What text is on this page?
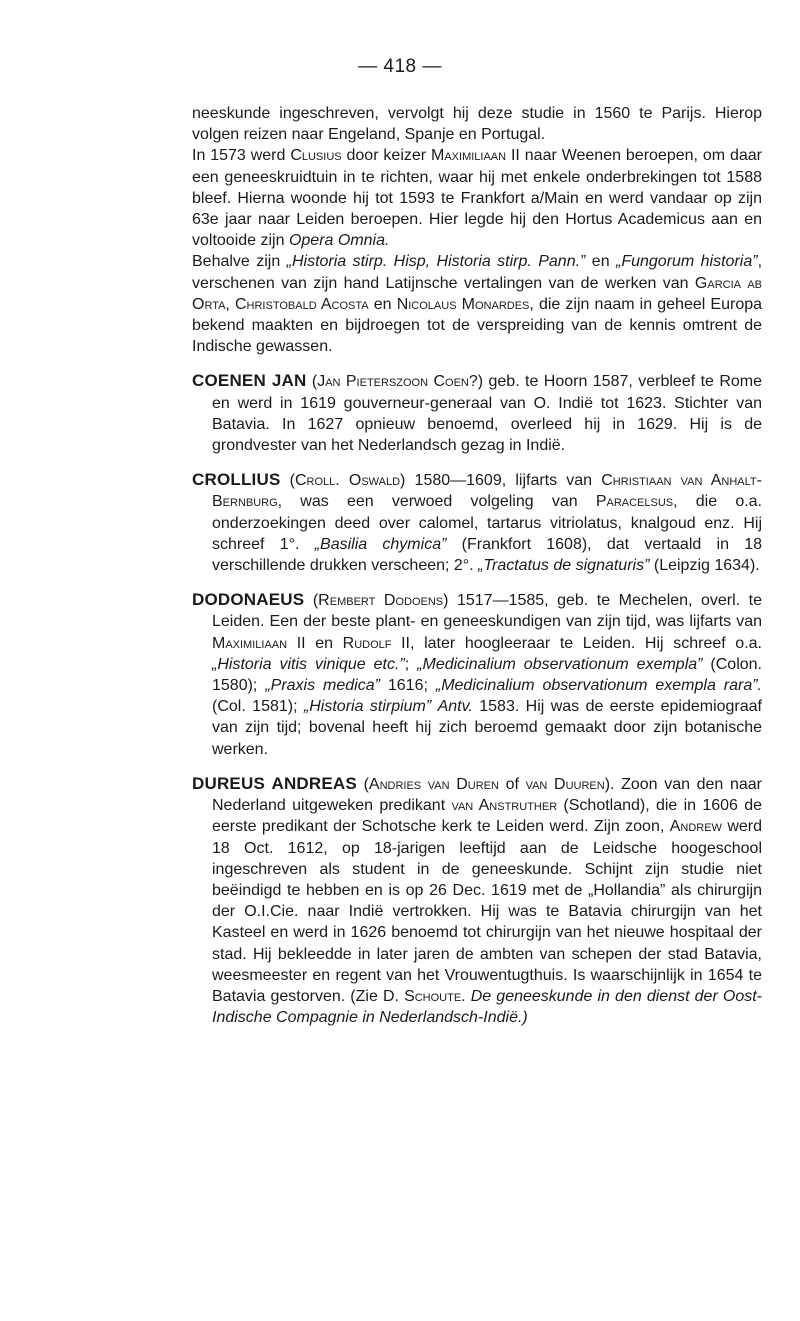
— 418 —

neeskunde ingeschreven, vervolgt hij deze studie in 1560 te Parijs. Hierop volgen reizen naar Engeland, Spanje en Portugal.

In 1573 werd Clusius door keizer Maximiliaan II naar Weenen beroepen, om daar een geneeskruidtuin in te richten, waar hij met enkele onderbrekingen tot 1588 bleef. Hierna woonde hij tot 1593 te Frankfort a/Main en werd vandaar op zijn 63e jaar naar Leiden beroepen. Hier legde hij den Hortus Academicus aan en voltooide zijn Opera Omnia.

Behalve zijn „Historia stirp. Hisp, Historia stirp. Pann.” en „Fungorum historia”, verschenen van zijn hand Latijnsche vertalingen van de werken van Garcia ab Orta, Christobald Acosta en Nicolaus Monardes, die zijn naam in geheel Europa bekend maakten en bijdroegen tot de verspreiding van de kennis omtrent de Indische gewassen.

COENEN JAN (Jan Pieterszoon Coen?) geb. te Hoorn 1587, verbleef te Rome en werd in 1619 gouverneur-generaal van O. Indië tot 1623. Stichter van Batavia. In 1627 opnieuw benoemd, overleed hij in 1629. Hij is de grondvester van het Nederlandsch gezag in Indië.

CROLLIUS (Croll. Oswald) 1580—1609, lijfarts van Christiaan van Anhalt-Bernburg, was een verwoed volgeling van Paracelsus, die o.a. onderzoekingen deed over calomel, tartarus vitriolatus, knalgoud enz. Hij schreef 1°. „Basilia chymica” (Frankfort 1608), dat vertaald in 18 verschillende drukken verscheen; 2°. „Tractatus de signaturis” (Leipzig 1634).

DODONAEUS (Rembert Dodoens) 1517—1585, geb. te Mechelen, overl. te Leiden. Een der beste plant- en geneeskundigen van zijn tijd, was lijfarts van Maximiliaan II en Rudolf II, later hoogleeraar te Leiden. Hij schreef o.a. „Historia vitis vinique etc.”; „Medicinalium observationum exempla” (Colon. 1580); „Praxis medica” 1616; „Medicinalium observationum exempla rara”. (Col. 1581); „Historia stirpium” Antv. 1583. Hij was de eerste epidemiograaf van zijn tijd; bovenal heeft hij zich beroemd gemaakt door zijn botanische werken.

DUREUS ANDREAS (Andries van Duren of van Duuren). Zoon van den naar Nederland uitgeweken predikant van Anstruther (Schotland), die in 1606 de eerste predikant der Schotsche kerk te Leiden werd. Zijn zoon, Andrew werd 18 Oct. 1612, op 18-jarigen leeftijd aan de Leidsche hoogeschool ingeschreven als student in de geneeskunde. Schijnt zijn studie niet beëindigd te hebben en is op 26 Dec. 1619 met de „Hollandia” als chirurgijn der O.I.Cie. naar Indië vertrokken. Hij was te Batavia chirurgijn van het Kasteel en werd in 1626 benoemd tot chirurgijn van het nieuwe hospitaal der stad. Hij bekleedde in later jaren de ambten van schepen der stad Batavia, weesmeester en regent van het Vrouwentugthuis. Is waarschijnlijk in 1654 te Batavia gestorven. (Zie D. Schoute. De geneeskunde in den dienst der Oost-Indische Compagnie in Nederlandsch-Indië.)
